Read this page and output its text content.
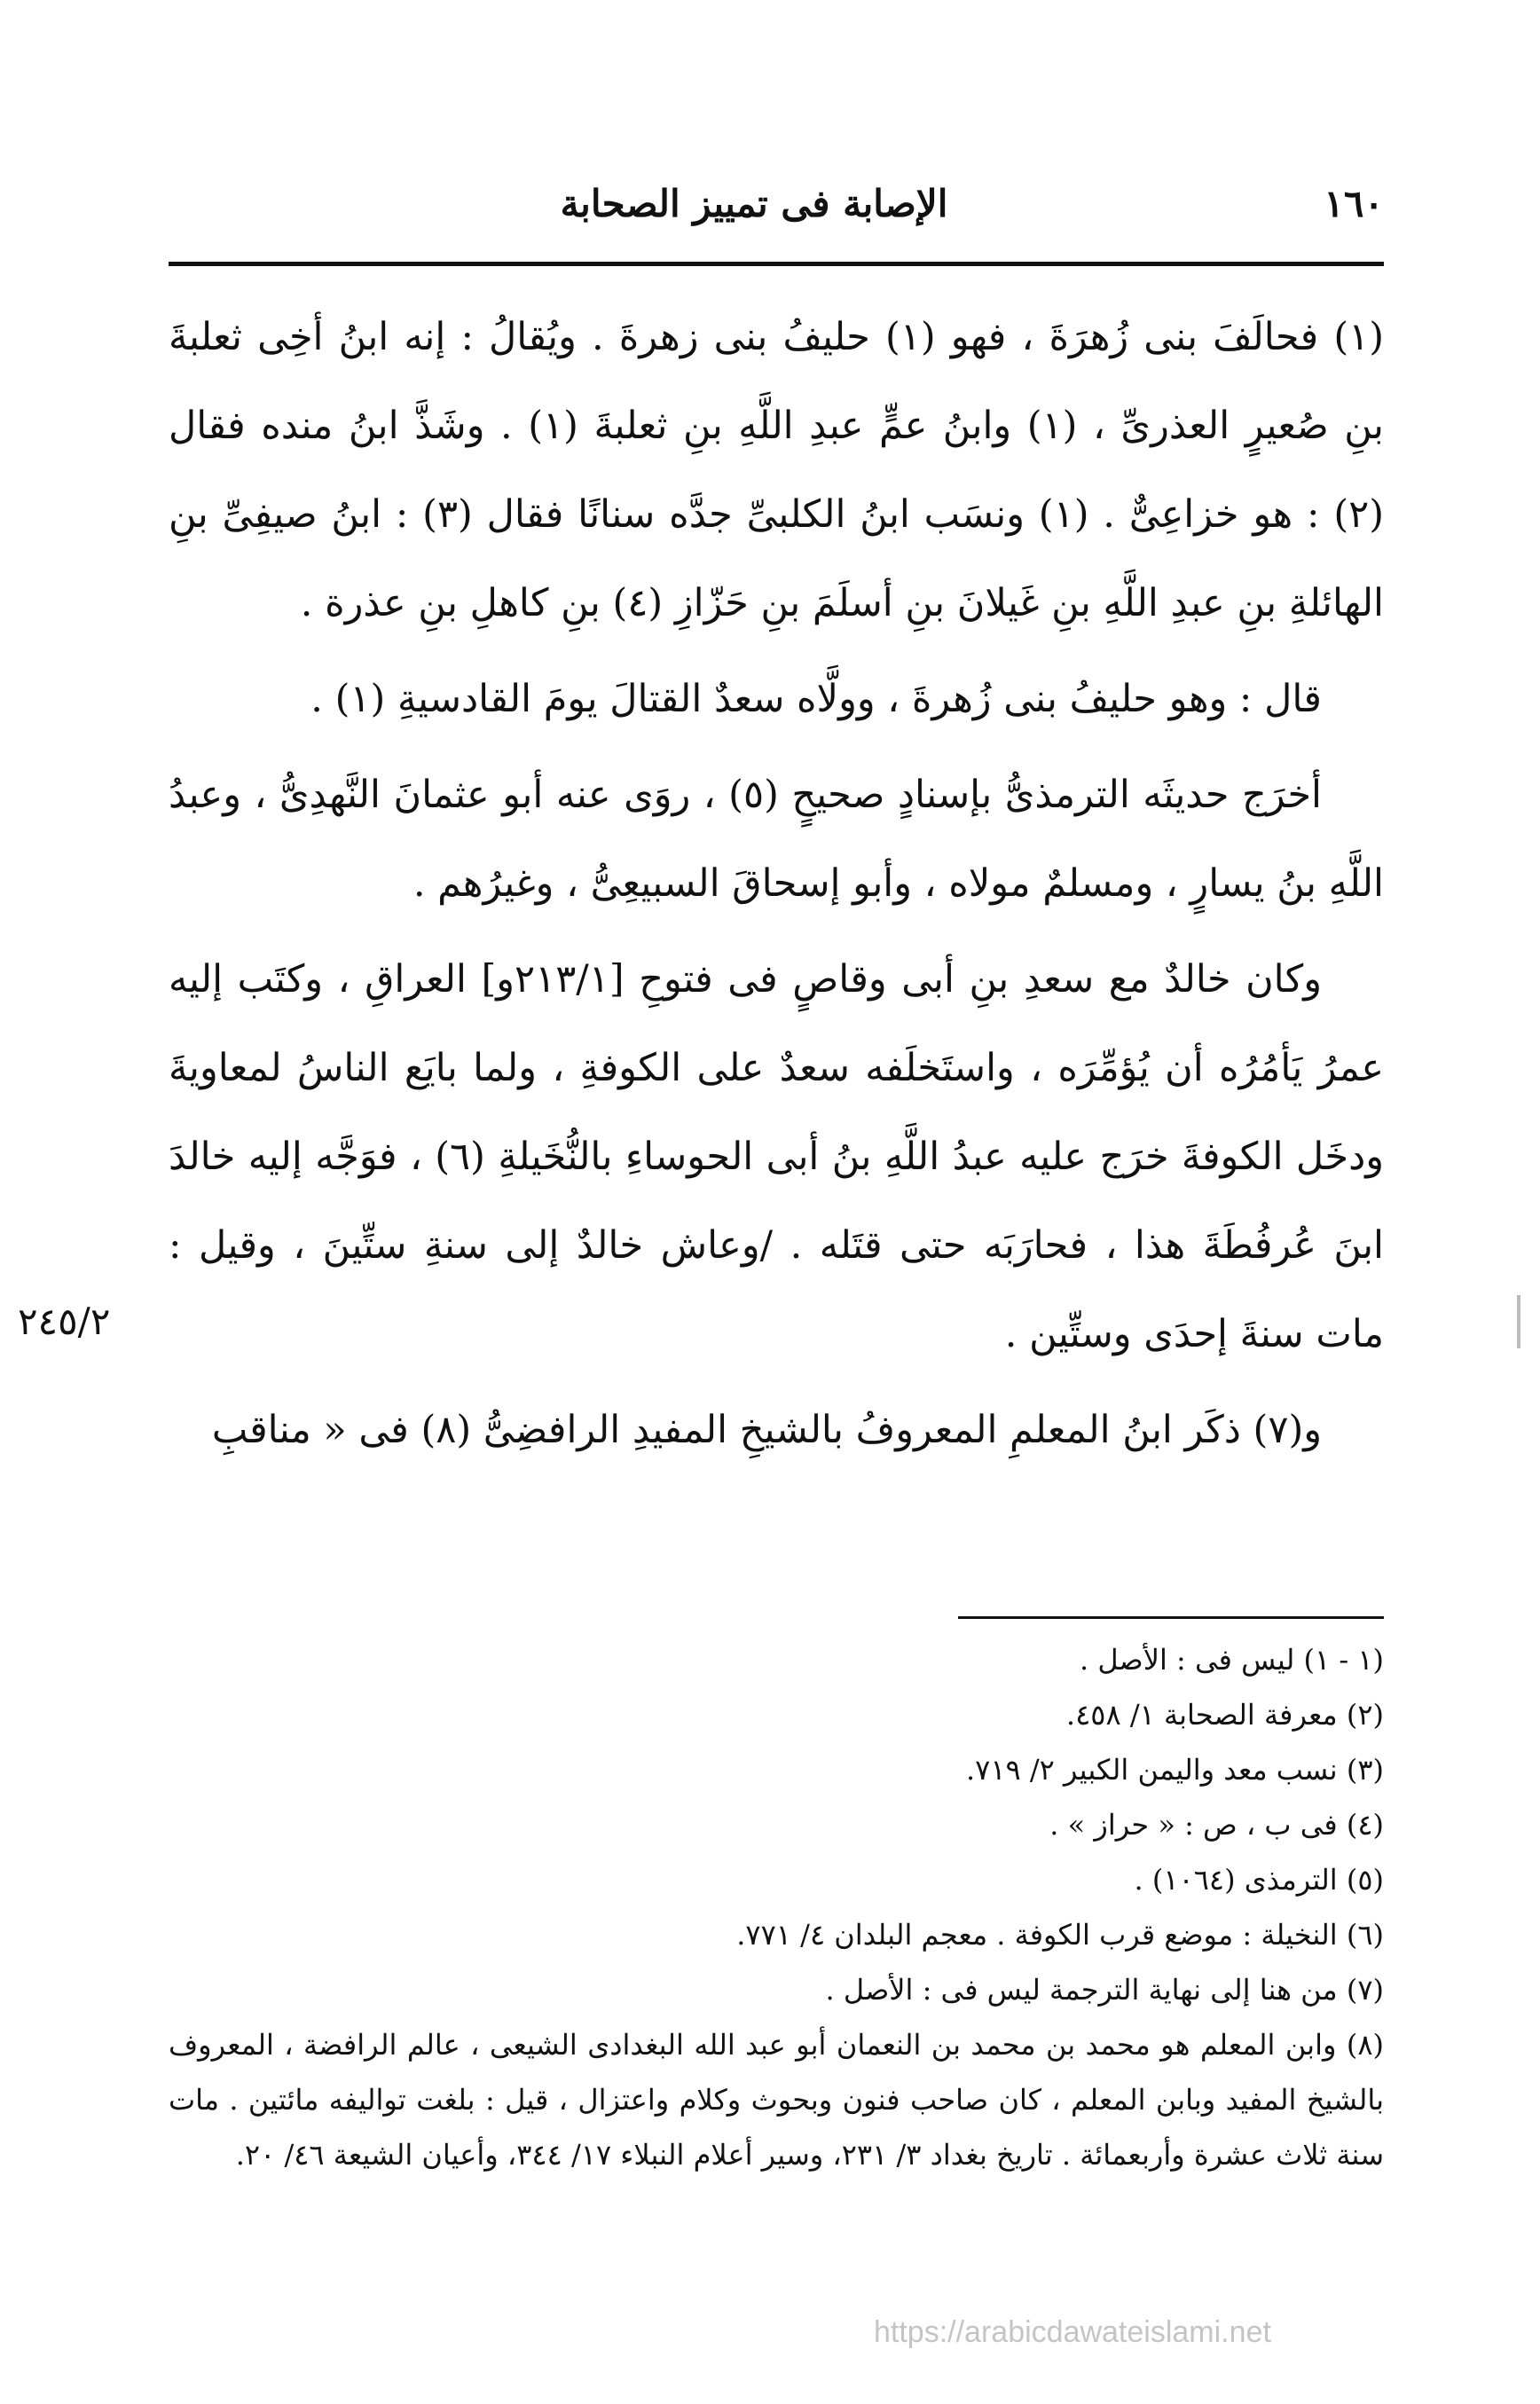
الإصابة فى تمييز الصحابة	١٦٠

(١) فحالَفَ بنى زُهرَةَ ، فهو (١) حليفُ بنى زهرةَ . ويُقالُ : إنه ابنُ أخِى ثعلبةَ بنِ صُعيرٍ العذرىِّ ، (١) وابنُ عمٍّ عبدِ اللَّهِ بنِ ثعلبةَ (١) . وشَذَّ ابنُ منده فقال (٢) : هو خزاعِىٌّ . (١) ونسَب ابنُ الكلبىِّ جدَّه سنانًا فقال (٣) : ابنُ صيفِىِّ بنِ الهائلةِ بنِ عبدِ اللَّهِ بنِ غَيلانَ بنِ أسلَمَ بنِ حَزّازِ (٤) بنِ كاهلِ بنِ عذرة .

قال : وهو حليفُ بنى زُهرةَ ، وولَّاه سعدٌ القتالَ يومَ القادسيةِ (١) .

أخرَج حديثَه الترمذىُّ بإسنادٍ صحيحٍ (٥) ، روَى عنه أبو عثمانَ النَّهدِىُّ ، وعبدُ اللَّهِ بنُ يسارٍ ، ومسلمٌ مولاه ، وأبو إسحاقَ السبيعِىُّ ، وغيرُهم .

وكان خالدٌ مع سعدِ بنِ أبى وقاصٍ فى فتوحِ [٢١٣/١و] العراقِ ، وكتَب إليه عمرُ يَأمُرُه أن يُؤمِّرَه ، واستَخلَفه سعدٌ على الكوفةِ ، ولما بايَع الناسُ لمعاويةَ ودخَل الكوفةَ خرَج عليه عبدُ اللَّهِ بنُ أبى الحوساءِ بالنُّخَيلةِ (٦) ، فوَجَّه إليه خالدَ ابنَ عُرفُطَةَ هذا ، فحارَبَه حتى قتَله . /وعاش خالدٌ إلى سنةِ ستِّينَ ، وقيل : مات سنةَ إحدَى وستِّين .

و(٧) ذكَر ابنُ المعلمِ المعروفُ بالشيخِ المفيدِ الرافضِىُّ (٨) فى « مناقبِ

٢٤٥/٢
(١ - ١) ليس فى : الأصل .
(٢) معرفة الصحابة ١/ ٤٥٨.
(٣) نسب معد واليمن الكبير ٢/ ٧١٩.
(٤) فى ب ، ص : « حراز » .
(٥) الترمذى (١٠٦٤) .
(٦) النخيلة : موضع قرب الكوفة . معجم البلدان ٤/ ٧٧١.
(٧) من هنا إلى نهاية الترجمة ليس فى : الأصل .
(٨) وابن المعلم هو محمد بن محمد بن النعمان أبو عبد الله البغدادى الشيعى ، عالم الرافضة ، المعروف بالشيخ المفيد وبابن المعلم ، كان صاحب فنون وبحوث وكلام واعتزال ، قيل : بلغت تواليفه مائتين . مات سنة ثلاث عشرة وأربعمائة . تاريخ بغداد ٣/ ٢٣١، وسير أعلام النبلاء ١٧/ ٣٤٤، وأعيان الشيعة ٤٦/ ٢٠.
https://arabicdawateislami.net
